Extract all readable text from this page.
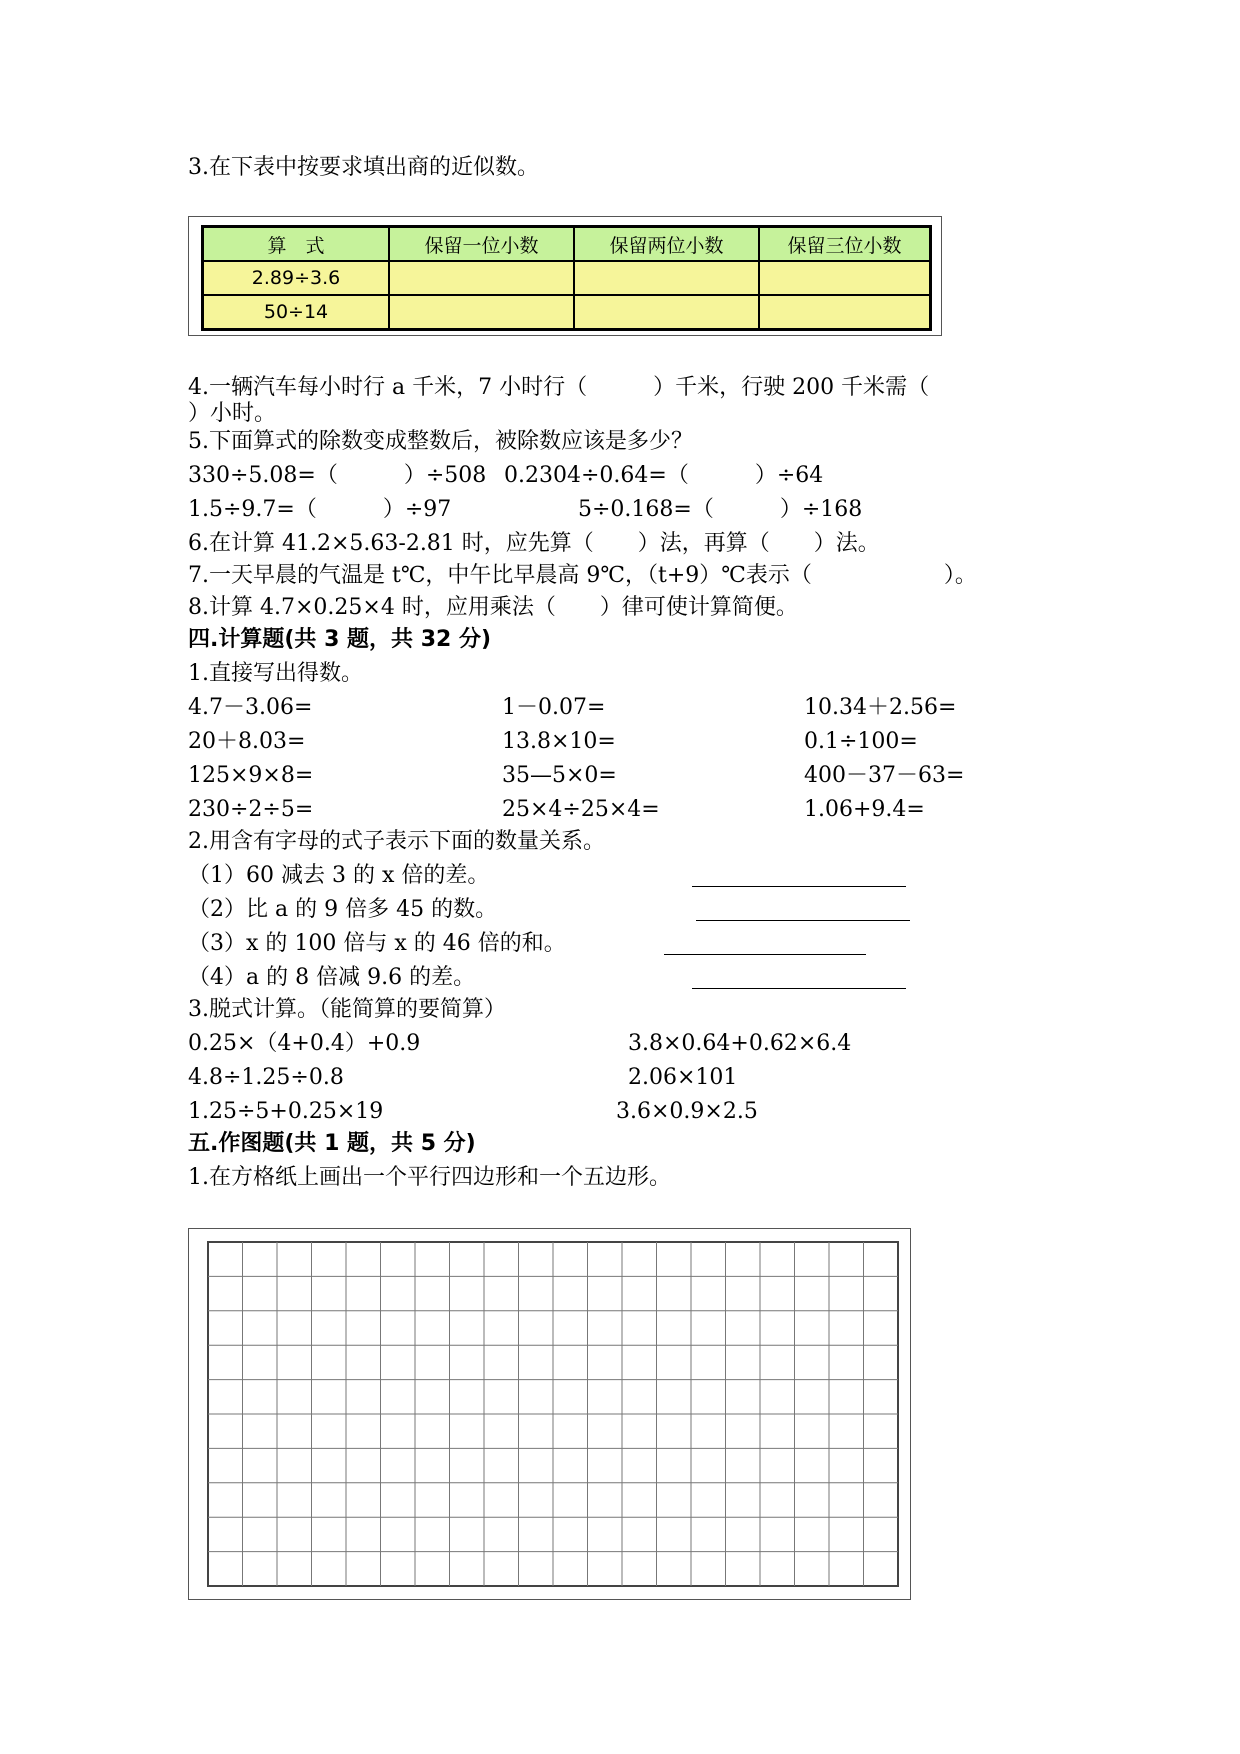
3.在下表中按要求填出商的近似数。
算　式	保留一位小数	保留两位小数	保留三位小数
2.89÷3.6			
50÷14			
4.一辆汽车每小时行 a 千米，7 小时行（　　　）千米，行驶 200 千米需（
）小时。
5.下面算式的除数变成整数后，被除数应该是多少？
330÷5.08=（　　　）÷508 0.2304÷0.64=（　　　）÷64
1.5÷9.7=（　　　）÷97	5÷0.168=（　　　）÷168
6.在计算 41.2×5.63-2.81 时，应先算（　　）法，再算（　　）法。
7.一天早晨的气温是 t℃，中午比早晨高 9℃，（t+9）℃表示（　　　　　　）。
8.计算 4.7×0.25×4 时，应用乘法（　　）律可使计算简便。
四.计算题(共 3 题，共 32 分)
1.直接写出得数。
4.7－3.06=	1－0.07=	10.34＋2.56=
20＋8.03=	13.8×10=	0.1÷100=
125×9×8=	35—5×0=	400－37－63=
230÷2÷5=	25×4÷25×4=	1.06+9.4=
2.用含有字母的式子表示下面的数量关系。
（1）60 减去 3 的 x 倍的差。
（2）比 a 的 9 倍多 45 的数。
（3）x 的 100 倍与 x 的 46 倍的和。
（4）a 的 8 倍减 9.6 的差。
3.脱式计算。（能简算的要简算）
0.25×（4+0.4）+0.9	3.8×0.64+0.62×6.4
4.8÷1.25÷0.8	2.06×101
1.25÷5+0.25×19	3.6×0.9×2.5
五.作图题(共 1 题，共 5 分)
1.在方格纸上画出一个平行四边形和一个五边形。
